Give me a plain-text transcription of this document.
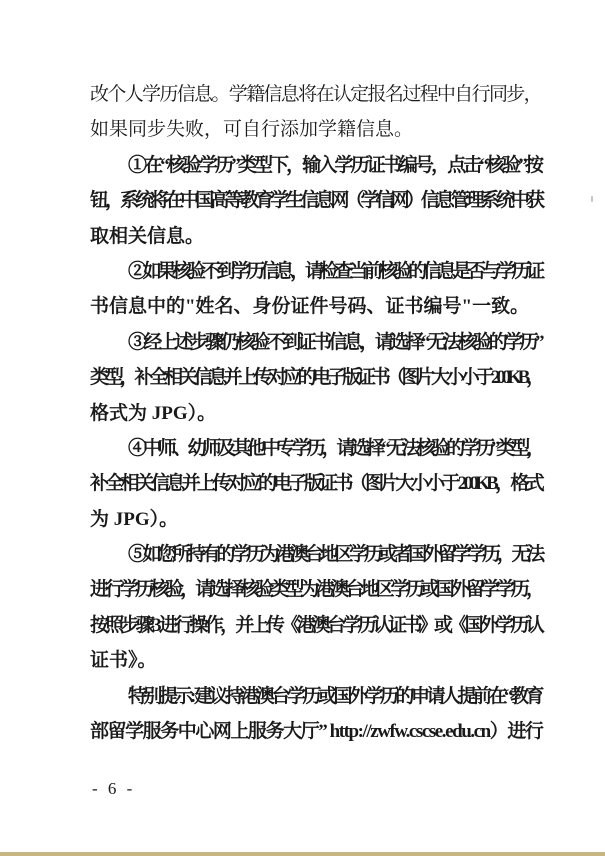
改个人学历信息。学籍信息将在认定报名过程中自行同步，
如果同步失败，可自行添加学籍信息。
①在“核验学历”类型下，输入学历证书编号，点击“核验”按
钮，系统将在中国高等教育学生信息网（学信网）信息管理系统中获
取相关信息。
②如果核验不到学历信息，请检查当前核验的信息是否与学历证
书信息中的"姓名、身份证件号码、证书编号"一致。
③经上述步骤仍核验不到证书信息，请选择“无法核验的学历”
类型，补全相关信息并上传对应的电子版证书（图片大小小于 200KB，
格式为 JPG）。
④中师、幼师及其他中专学历，请选择“无法核验的学历”类型，
补全相关信息并上传对应的电子版证书（图片大小小于 200KB，格式
为 JPG）。
⑤如您所持有的学历为港澳台地区学历或者国外留学学历，无法
进行学历核验，请选择核验类型为港澳台地区学历或国外留学学历，
按照步骤 3 进行操作，并上传《港澳台学历认证书》或《国外学历认
证书》。
特别提示: 建议持港澳台学历或国外学历的申请人提前在“教育
部留学服务中心网上服务大厅” http://zwfw.cscse.edu.cn）进行
- 6 -
